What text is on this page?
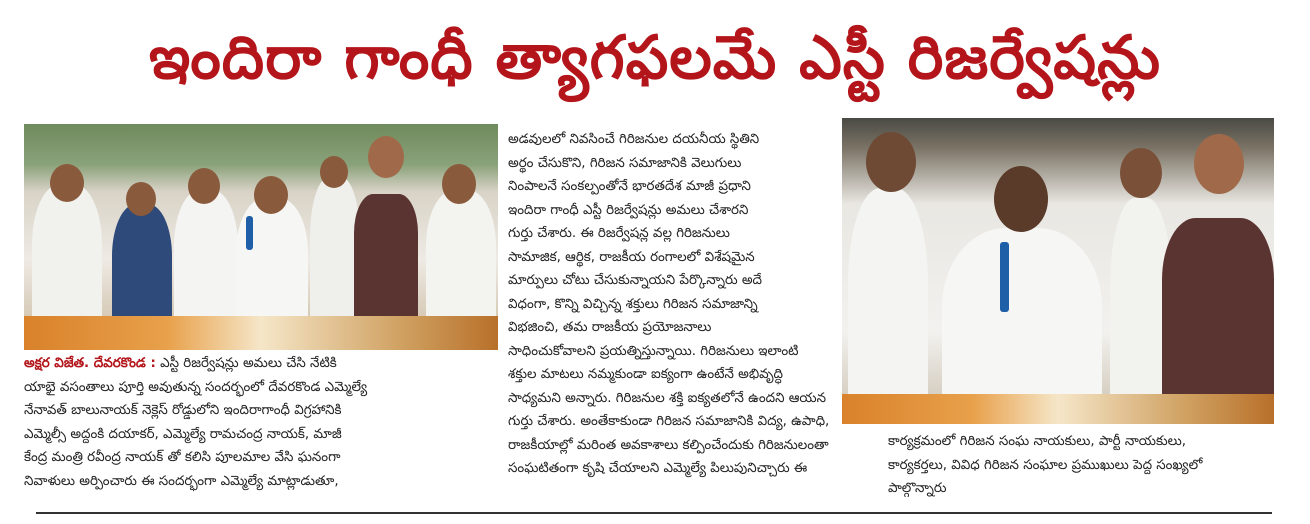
ఇందిరా గాంధీ త్యాగఫలమే ఎస్టీ రిజర్వేషన్లు
అక్షర విజేత. దేవరకొండ : ఎస్టీ రిజర్వేషన్లు అమలు చేసి నేటికి
యాభై వసంతాలు పూర్తి అవుతున్న సందర్భంలో దేవరకొండ ఎమ్మెల్యే
నేనావత్ బాలునాయక్ నెక్లెస్ రోడ్డులోని ఇందిరాగాంధీ విగ్రహానికి
ఎమ్మెల్సీ అద్దంకి దయాకర్, ఎమ్మెల్యే రామచంద్ర నాయక్, మాజీ
కేంద్ర మంత్రి రవీంద్ర నాయక్ తో కలిసి పూలమాల వేసి ఘనంగా
నివాళులు అర్పించారు ఈ సందర్భంగా ఎమ్మెల్యే మాట్లాడుతూ,
అడవులలో నివసించే గిరిజనుల దయనీయ స్థితిని
అర్థం చేసుకొని, గిరిజన సమాజానికి వెలుగులు
నింపాలనే సంకల్పంతోనే భారతదేశ మాజీ ప్రధాని
ఇందిరా గాంధీ ఎస్టీ రిజర్వేషన్లు అమలు చేశారని
గుర్తు చేశారు. ఈ రిజర్వేషన్ల వల్ల గిరిజనులు
సామాజిక, ఆర్థిక, రాజకీయ రంగాలలో విశేషమైన
మార్పులు చోటు చేసుకున్నాయని పేర్కొన్నారు అదే
విధంగా, కొన్ని విచ్చిన్న శక్తులు గిరిజన సమాజాన్ని
విభజించి, తమ రాజకీయ ప్రయోజనాలు
సాధించుకోవాలని ప్రయత్నిస్తున్నాయి. గిరిజనులు ఇలాంటి
శక్తుల మాటలు నమ్మకుండా ఐక్యంగా ఉంటేనే అభివృద్ధి
సాధ్యమని అన్నారు. గిరిజనుల శక్తి ఐక్యతలోనే ఉందని ఆయన
గుర్తు చేశారు. అంతేకాకుండా గిరిజన సమాజానికి విద్య, ఉపాధి,
రాజకీయాల్లో మరింత అవకాశాలు కల్పించేందుకు గిరిజనులంతా
సంఘటితంగా కృషి చేయాలని ఎమ్మెల్యే పిలుపునిచ్చారు ఈ
కార్యక్రమంలో గిరిజన సంఘ నాయకులు, పార్టీ నాయకులు,
కార్యకర్తలు, వివిధ గిరిజన సంఘాల ప్రముఖులు పెద్ద సంఖ్యలో
పాల్గొన్నారు
